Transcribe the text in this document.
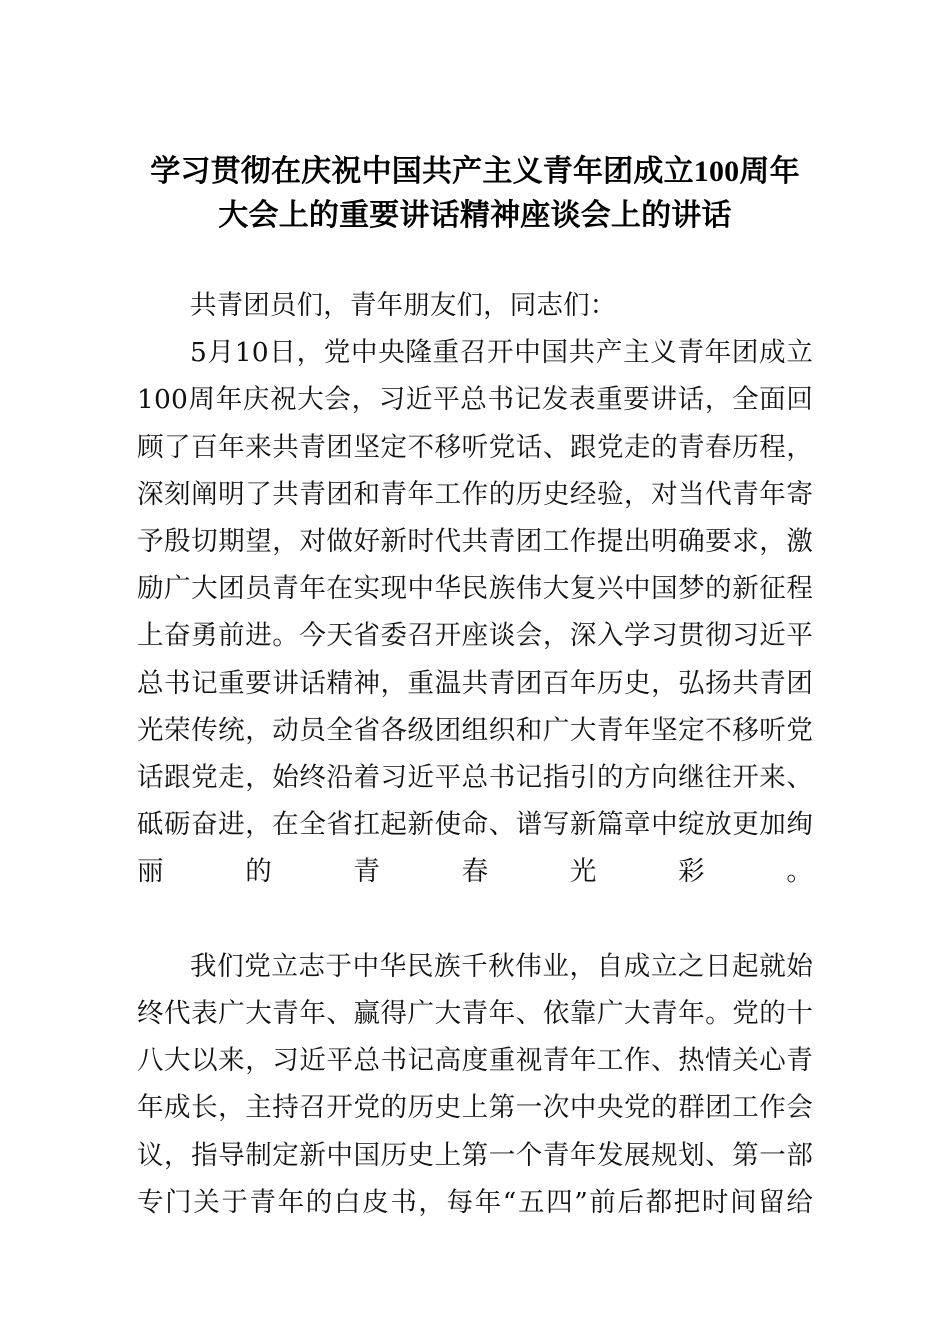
学习贯彻在庆祝中国共产主义青年团成立100周年大会上的重要讲话精神座谈会上的讲话

共青团员们，青年朋友们，同志们：

5月10日，党中央隆重召开中国共产主义青年团成立100周年庆祝大会，习近平总书记发表重要讲话，全面回顾了百年来共青团坚定不移听党话、跟党走的青春历程，深刻阐明了共青团和青年工作的历史经验，对当代青年寄予殷切期望，对做好新时代共青团工作提出明确要求，激励广大团员青年在实现中华民族伟大复兴中国梦的新征程上奋勇前进。今天省委召开座谈会，深入学习贯彻习近平总书记重要讲话精神，重温共青团百年历史，弘扬共青团光荣传统，动员全省各级团组织和广大青年坚定不移听党话跟党走，始终沿着习近平总书记指引的方向继往开来、砥砺奋进，在全省扛起新使命、谱写新篇章中绽放更加绚丽的青春光彩。

我们党立志于中华民族千秋伟业，自成立之日起就始终代表广大青年、赢得广大青年、依靠广大青年。党的十八大以来，习近平总书记高度重视青年工作、热情关心青年成长，主持召开党的历史上第一次中央党的群团工作会议，指导制定新中国历史上第一个青年发展规划、第一部专门关于青年的白皮书，每年“五四”前后都把时间留给
